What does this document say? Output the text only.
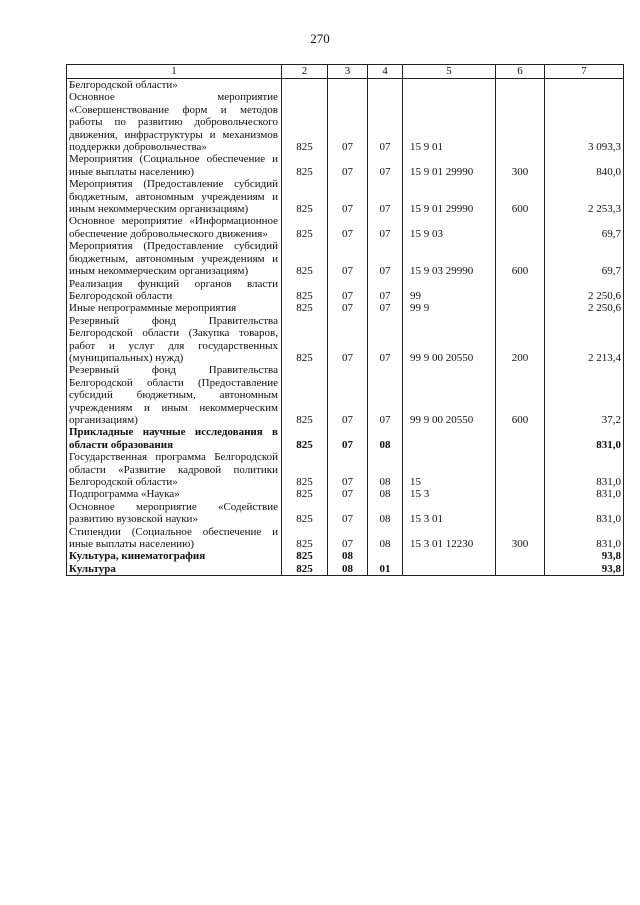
270
1	2	3	4	5	6	7

Белгородской области»						

Основное мероприятие «Совершенствование форм и методов работы по развитию добровольческого движения, инфраструктуры и механизмов поддержки добровольчества»	825	07	07	15 9 01		3 093,3

Мероприятия (Социальное обеспечение и иные выплаты населению)	825	07	07	15 9 01 29990	300	840,0

Мероприятия (Предоставление субсидий бюджетным, автономным учреждениям и иным некоммерческим организациям)	825	07	07	15 9 01 29990	600	2 253,3

Основное мероприятие «Информационное обеспечение добровольческого движения»	825	07	07	15 9 03		69,7

Мероприятия (Предоставление субсидий бюджетным, автономным учреждениям и иным некоммерческим организациям)	825	07	07	15 9 03 29990	600	69,7

Реализация функций органов власти Белгородской области	825	07	07	99		2 250,6

Иные непрограммные мероприятия	825	07	07	99 9		2 250,6

Резервный фонд Правительства Белгородской области (Закупка товаров, работ и услуг для государственных (муниципальных) нужд)	825	07	07	99 9 00 20550	200	2 213,4

Резервный фонд Правительства Белгородской области (Предоставление субсидий бюджетным, автономным учреждениям и иным некоммерческим организациям)	825	07	07	99 9 00 20550	600	37,2

Прикладные научные исследования в области образования	825	07	08			831,0

Государственная программа Белгородской области «Развитие кадровой политики Белгородской области»	825	07	08	15		831,0

Подпрограмма «Наука»	825	07	08	15 3		831,0

Основное мероприятие «Содействие развитию вузовской науки»	825	07	08	15 3 01		831,0

Стипендии (Социальное обеспечение и иные выплаты населению)	825	07	08	15 3 01 12230	300	831,0

Культура, кинематография	825	08				93,8

Культура	825	08	01			93,8
